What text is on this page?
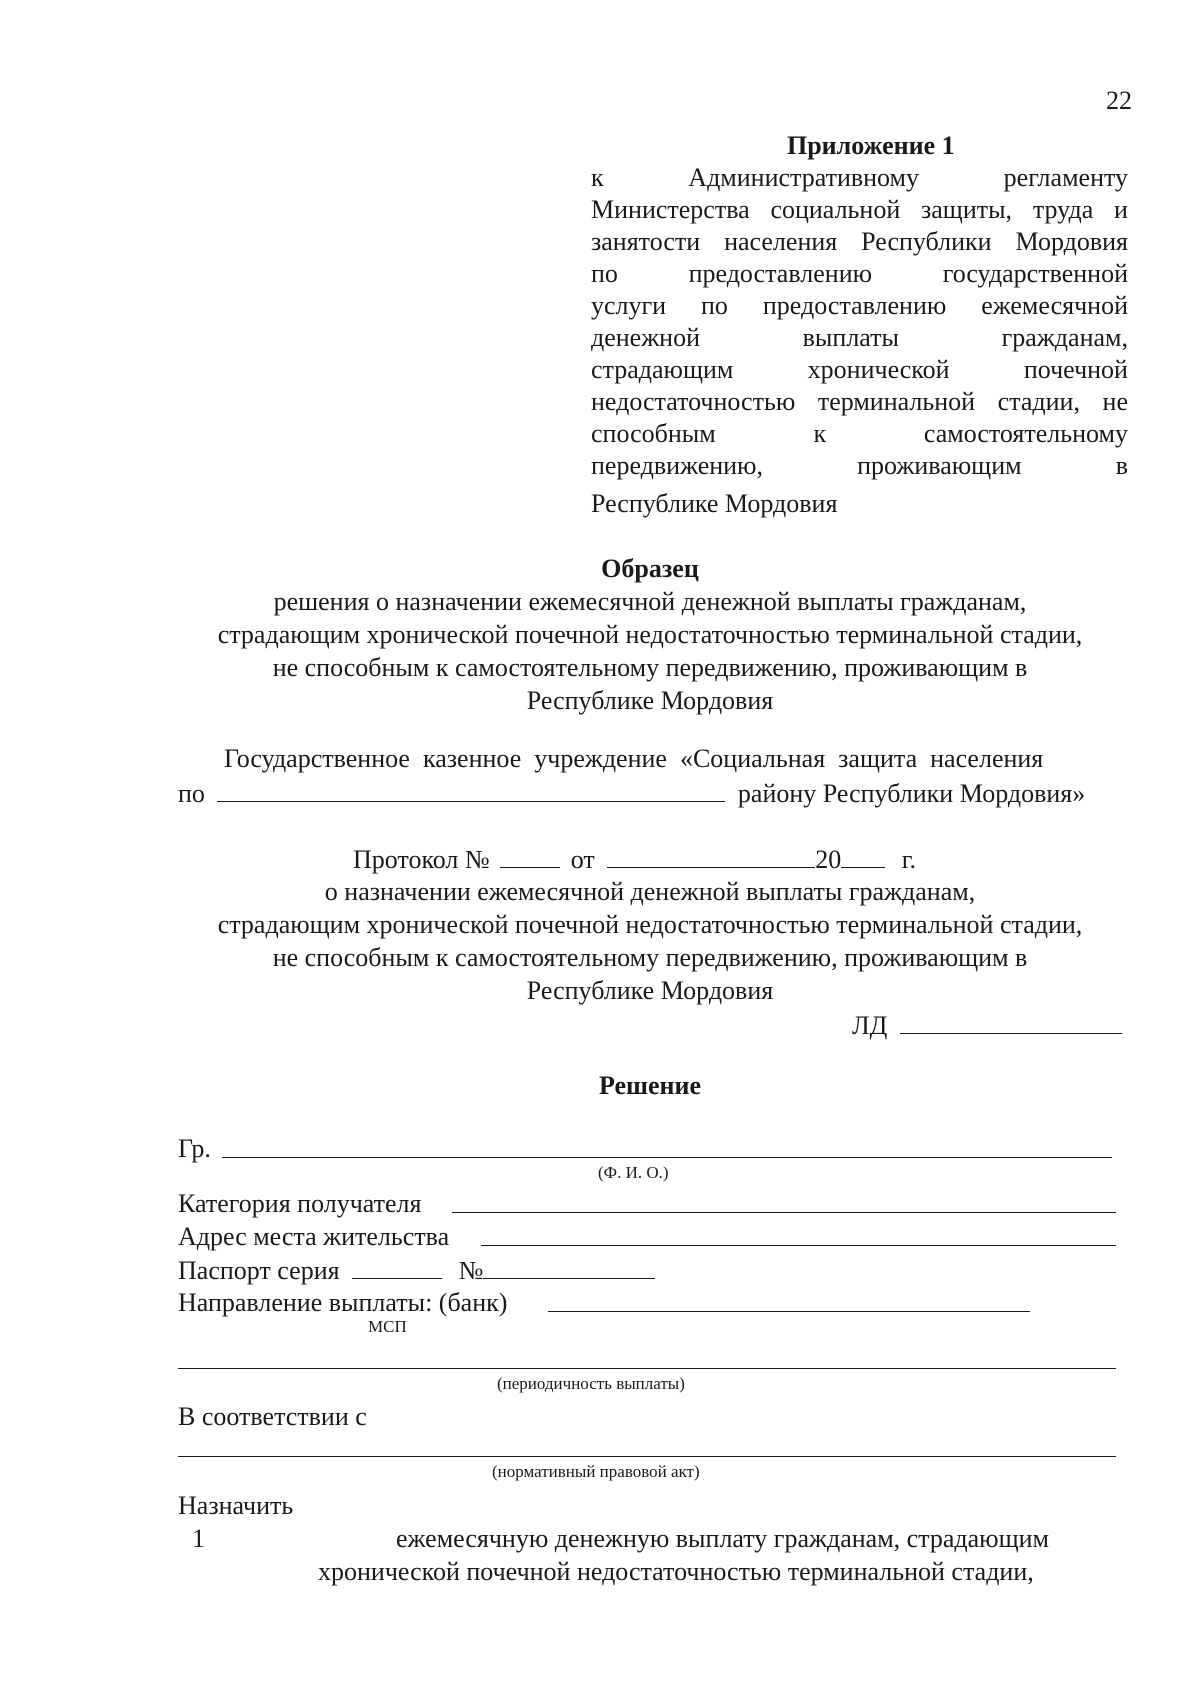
22
Приложение 1
к	Административному	регламенту
Министерства социальной защиты, труда и
занятости населения Республики Мордовия
по	предоставлению	государственной
услуги по предоставлению ежемесячной
денежной	выплаты	гражданам,
страдающим	хронической	почечной
недостаточностью терминальной стадии, не
способным	к	самостоятельному
передвижению,	проживающим	в
Республике Мордовия
Образец
решения о назначении ежемесячной денежной выплаты гражданам,
страдающим хронической почечной недостаточностью терминальной стадии,
не способным к самостоятельному передвижению, проживающим в
Республике Мордовия
Государственное  казенное  учреждение  «Социальная  защита  населения
по	району Республики Мордовия»
Протокол №	от	20 г.
о назначении ежемесячной денежной выплаты гражданам,
страдающим хронической почечной недостаточностью терминальной стадии,
не способным к самостоятельному передвижению, проживающим в
Республике Мордовия
ЛД
Решение
Гр.
(Ф. И. О.)
Категория получателя
Адрес места жительства
Паспорт серия	№
Направление выплаты: (банк)
МСП
(периодичность выплаты)
В соответствии с
(нормативный правовой акт)
Назначить
1	ежемесячную денежную выплату гражданам, страдающим
хронической почечной недостаточностью терминальной стадии,
